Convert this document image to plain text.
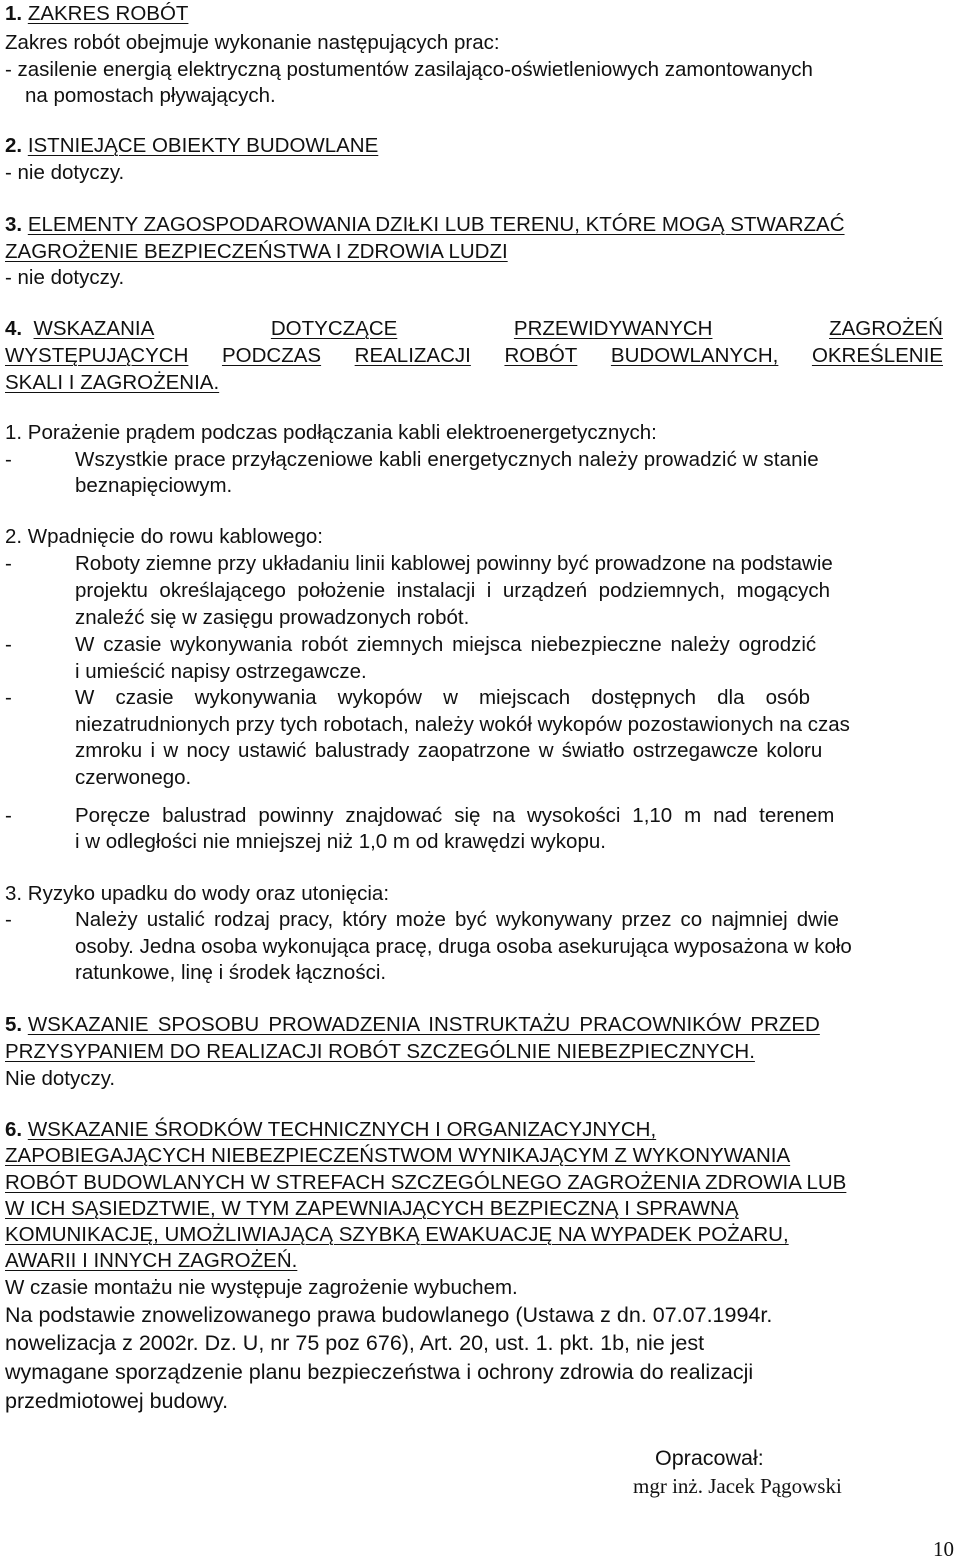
1. ZAKRES ROBÓT
Zakres robót obejmuje wykonanie następujących prac:
- zasilenie energią elektryczną postumentów zasilająco-oświetleniowych zamontowanych
na pomostach pływających.
2. ISTNIEJĄCE OBIEKTY BUDOWLANE
- nie dotyczy.
3. ELEMENTY ZAGOSPODAROWANIA DZIŁKI LUB TERENU, KTÓRE MOGĄ STWARZAĆ
ZAGROŻENIE BEZPIECZEŃSTWA I ZDROWIA LUDZI
- nie dotyczy.
4. WSKAZANIA	DOTYCZĄCE	PRZEWIDYWANYCH	ZAGROŻEŃ
WYSTĘPUJĄCYCH PODCZAS REALIZACJI ROBÓT BUDOWLANYCH, OKREŚLENIE
SKALI I ZAGROŻENIA.
1. Porażenie prądem podczas podłączania kabli elektroenergetycznych:
-	Wszystkie prace przyłączeniowe kabli energetycznych należy prowadzić w stanie
beznapięciowym.
2. Wpadnięcie do rowu kablowego:
-	Roboty ziemne przy układaniu linii kablowej powinny być prowadzone na podstawie
projektu określającego położenie instalacji i urządzeń podziemnych, mogących
znaleźć się w zasięgu prowadzonych robót.
-	W czasie wykonywania robót ziemnych miejsca niebezpieczne należy ogrodzić
i umieścić napisy ostrzegawcze.
-	W czasie wykonywania wykopów w miejscach dostępnych dla osób
niezatrudnionych przy tych robotach, należy wokół wykopów pozostawionych na czas
zmroku i w nocy ustawić balustrady zaopatrzone w światło ostrzegawcze koloru
czerwonego.
-	Poręcze balustrad powinny znajdować się na wysokości 1,10 m nad terenem
i w odległości nie mniejszej niż 1,0 m od krawędzi wykopu.
3. Ryzyko upadku do wody oraz utonięcia:
-	Należy ustalić rodzaj pracy, który może być wykonywany przez co najmniej dwie
osoby. Jedna osoba wykonująca pracę, druga osoba asekurująca wyposażona w koło
ratunkowe, linę i środek łączności.
5. WSKAZANIE SPOSOBU PROWADZENIA INSTRUKTAŻU PRACOWNIKÓW PRZED
PRZYSYPANIEM DO REALIZACJI ROBÓT SZCZEGÓLNIE NIEBEZPIECZNYCH.
Nie dotyczy.
6. WSKAZANIE ŚRODKÓW TECHNICZNYCH I ORGANIZACYJNYCH,
ZAPOBIEGAJĄCYCH NIEBEZPIECZEŃSTWOM WYNIKAJĄCYM Z WYKONYWANIA
ROBÓT BUDOWLANYCH W STREFACH SZCZEGÓLNEGO ZAGROŻENIA ZDROWIA LUB
W ICH SĄSIEDZTWIE, W TYM ZAPEWNIAJĄCYCH BEZPIECZNĄ I SPRAWNĄ
KOMUNIKACJĘ, UMOŻLIWIAJĄCĄ SZYBKĄ EWAKUACJĘ NA WYPADEK POŻARU,
AWARII I INNYCH ZAGROŻEŃ.
W czasie montażu nie występuje zagrożenie wybuchem.
Na podstawie znowelizowanego prawa budowlanego (Ustawa z dn. 07.07.1994r.
nowelizacja z 2002r. Dz. U, nr 75 poz 676), Art. 20, ust. 1. pkt. 1b, nie jest
wymagane sporządzenie planu bezpieczeństwa i ochrony zdrowia do realizacji
przedmiotowej budowy.
Opracował:
mgr inż. Jacek Pągowski
10
